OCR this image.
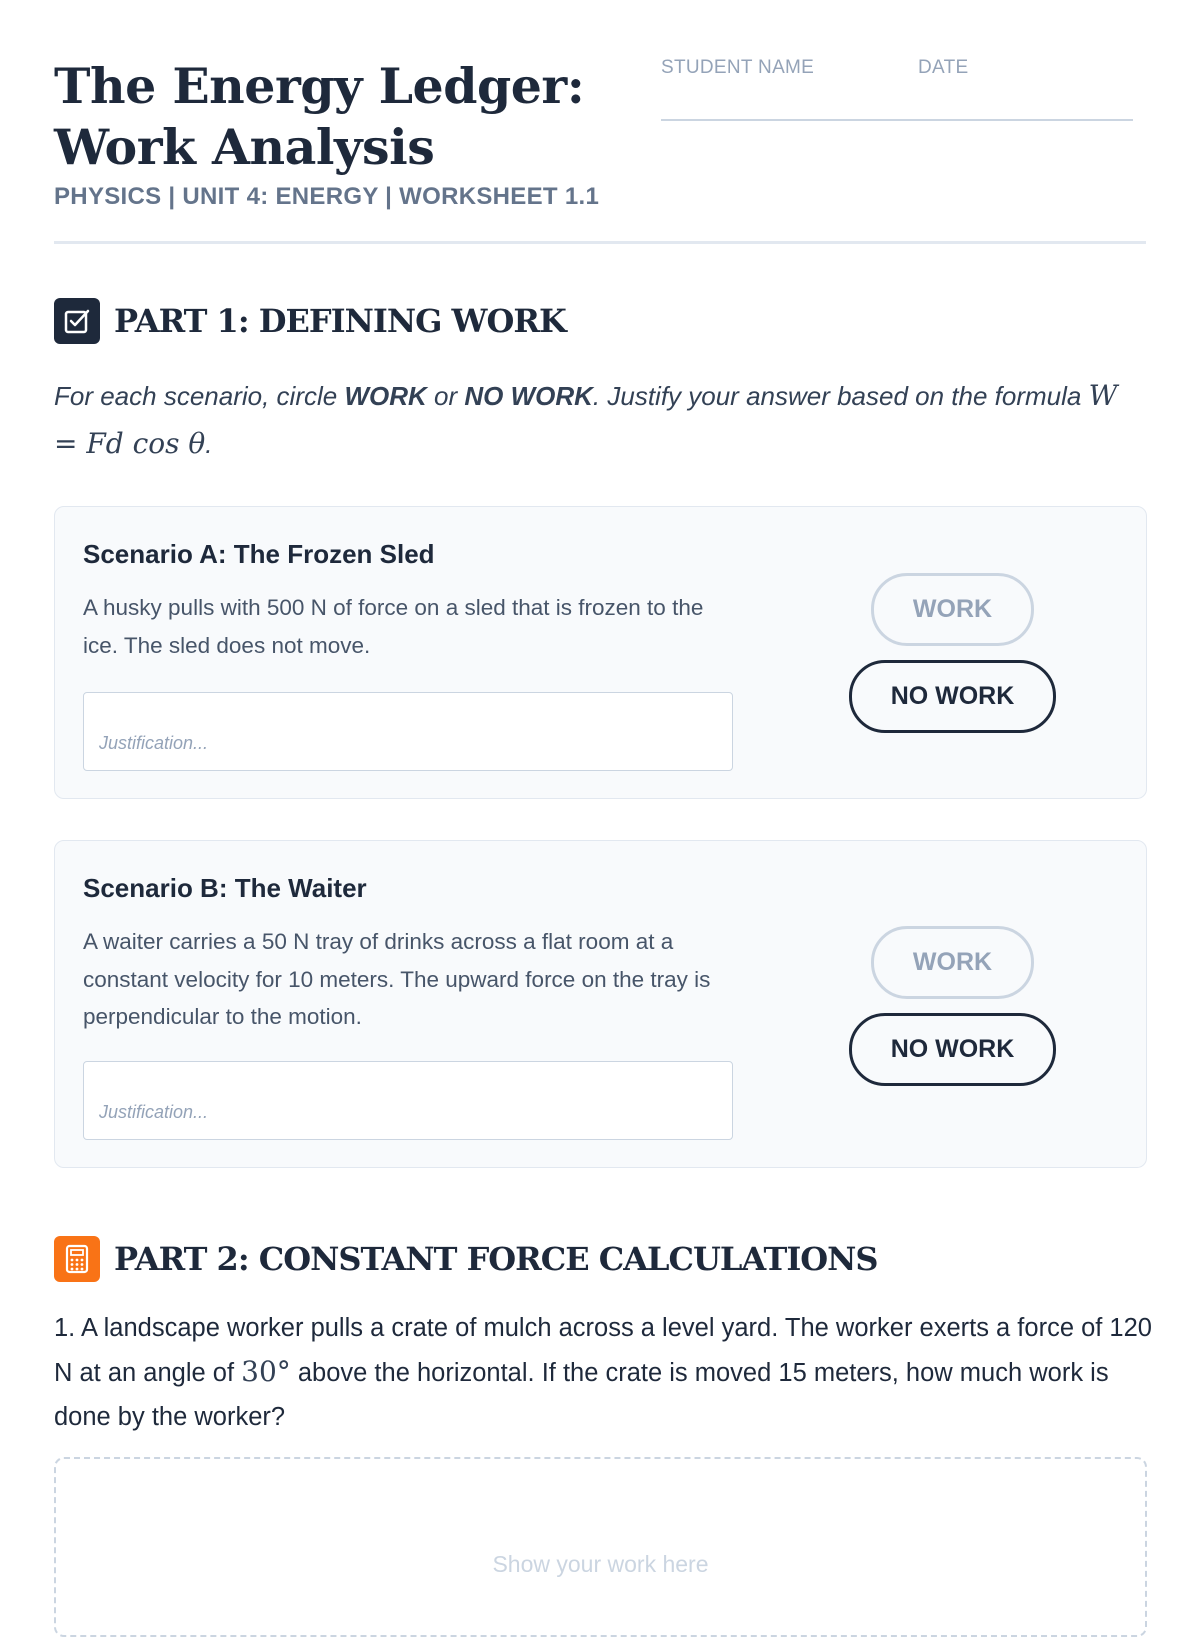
The Energy Ledger:
Work Analysis
PHYSICS | UNIT 4: ENERGY | WORKSHEET 1.1
STUDENT NAME	DATE
PART 1: DEFINING WORK
For each scenario, circle WORK or NO WORK. Justify your answer based on the formula W
= Fd cos θ.
Scenario A: The Frozen Sled
A husky pulls with 500 N of force on a sled that is frozen to the ice. The sled does not move.
Justification...
WORK
NO WORK
Scenario B: The Waiter
A waiter carries a 50 N tray of drinks across a flat room at a constant velocity for 10 meters. The upward force on the tray is perpendicular to the motion.
Justification...
WORK
NO WORK
PART 2: CONSTANT FORCE CALCULATIONS
1. A landscape worker pulls a crate of mulch across a level yard. The worker exerts a force of 120 N at an angle of 30° above the horizontal. If the crate is moved 15 meters, how much work is done by the worker?
Show your work here
